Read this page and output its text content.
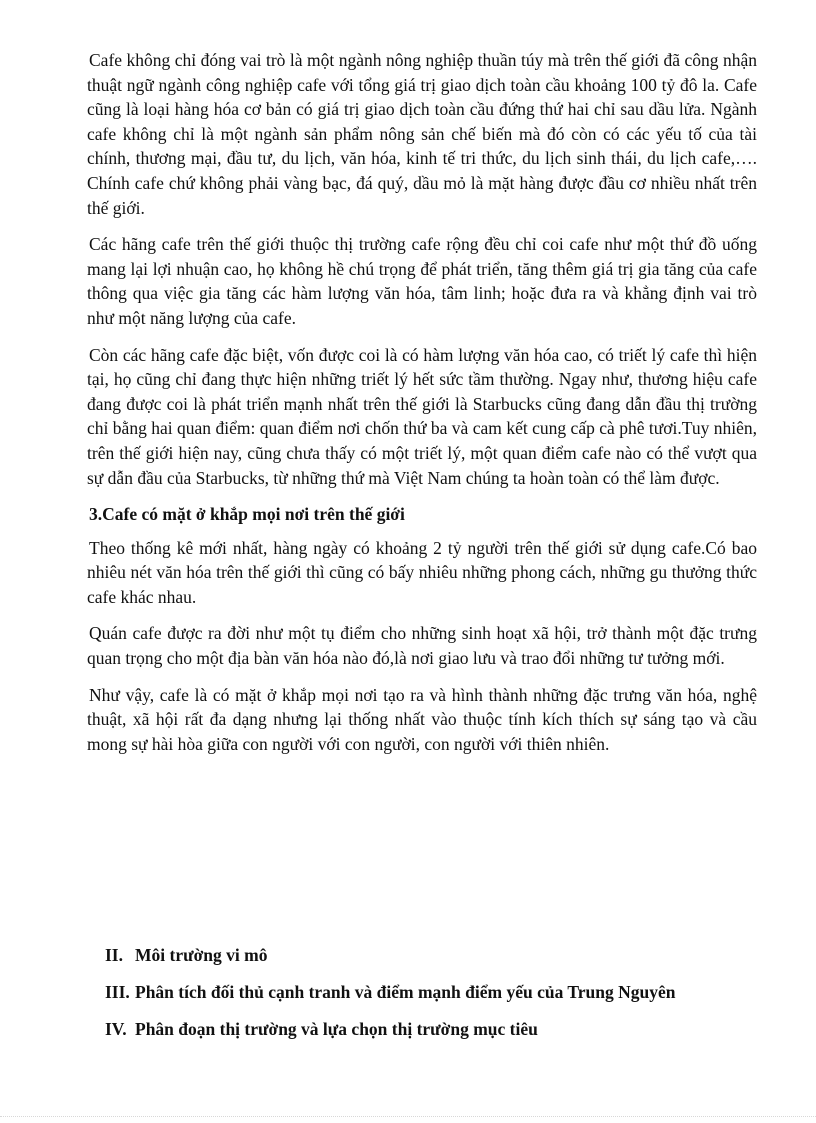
Cafe không chỉ đóng vai trò là một ngành nông nghiệp thuần túy mà trên thế giới đã công nhận thuật ngữ ngành công nghiệp cafe với tổng giá trị giao dịch toàn cầu khoảng 100 tỷ đô la. Cafe cũng là loại hàng hóa cơ bản có giá trị giao dịch toàn cầu đứng thứ hai chỉ sau dầu lửa. Ngành cafe không chỉ là một ngành sản phẩm nông sản chế biến mà đó còn có các yếu tố của tài chính, thương mại, đầu tư, du lịch, văn hóa, kinh tế tri thức, du lịch sinh thái, du lịch cafe,…. Chính cafe chứ không phải vàng bạc, đá quý, dầu mỏ là mặt hàng được đầu cơ nhiều nhất trên thế giới.

Các hãng cafe trên thế giới thuộc thị trường cafe rộng đều chỉ coi cafe như một thứ đồ uống mang lại lợi nhuận cao, họ không hề chú trọng để phát triển, tăng thêm giá trị gia tăng của cafe thông qua việc gia tăng các hàm lượng văn hóa, tâm linh; hoặc đưa ra và khẳng định vai trò như một năng lượng của cafe.

Còn các hãng cafe đặc biệt, vốn được coi là có hàm lượng văn hóa cao, có triết lý cafe thì hiện tại, họ cũng chỉ đang thực hiện những triết lý hết sức tầm thường. Ngay như, thương hiệu cafe đang được coi là phát triển mạnh nhất trên thế giới là Starbucks cũng đang dẫn đầu thị trường chỉ bằng hai quan điểm: quan điểm nơi chốn thứ ba và cam kết cung cấp cà phê tươi.Tuy nhiên, trên thế giới hiện nay, cũng chưa thấy có một triết lý, một quan điểm cafe nào có thể vượt qua sự dẫn đầu của Starbucks, từ những thứ mà Việt Nam chúng ta hoàn toàn có thể làm được.

3.Cafe có mặt ở khắp mọi nơi trên thế giới

Theo thống kê mới nhất, hàng ngày có khoảng 2 tỷ người trên thế giới sử dụng cafe.Có bao nhiêu nét văn hóa trên thế giới thì cũng có bấy nhiêu những phong cách, những gu thưởng thức cafe khác nhau.

Quán cafe được ra đời như một tụ điểm cho những sinh hoạt xã hội, trở thành một đặc trưng quan trọng cho một địa bàn văn hóa nào đó,là nơi giao lưu và trao đổi những tư tưởng mới.

Như vậy, cafe là có mặt ở khắp mọi nơi tạo ra và hình thành những đặc trưng văn hóa, nghệ thuật, xã hội rất đa dạng nhưng lại thống nhất vào thuộc tính kích thích sự sáng tạo và cầu mong sự hài hòa giữa con người với con người, con người với thiên nhiên.

II. Môi trường vi mô
III. Phân tích đối thủ cạnh tranh và điểm mạnh điểm yếu của Trung Nguyên
IV. Phân đoạn thị trường và lựa chọn thị trường mục tiêu
